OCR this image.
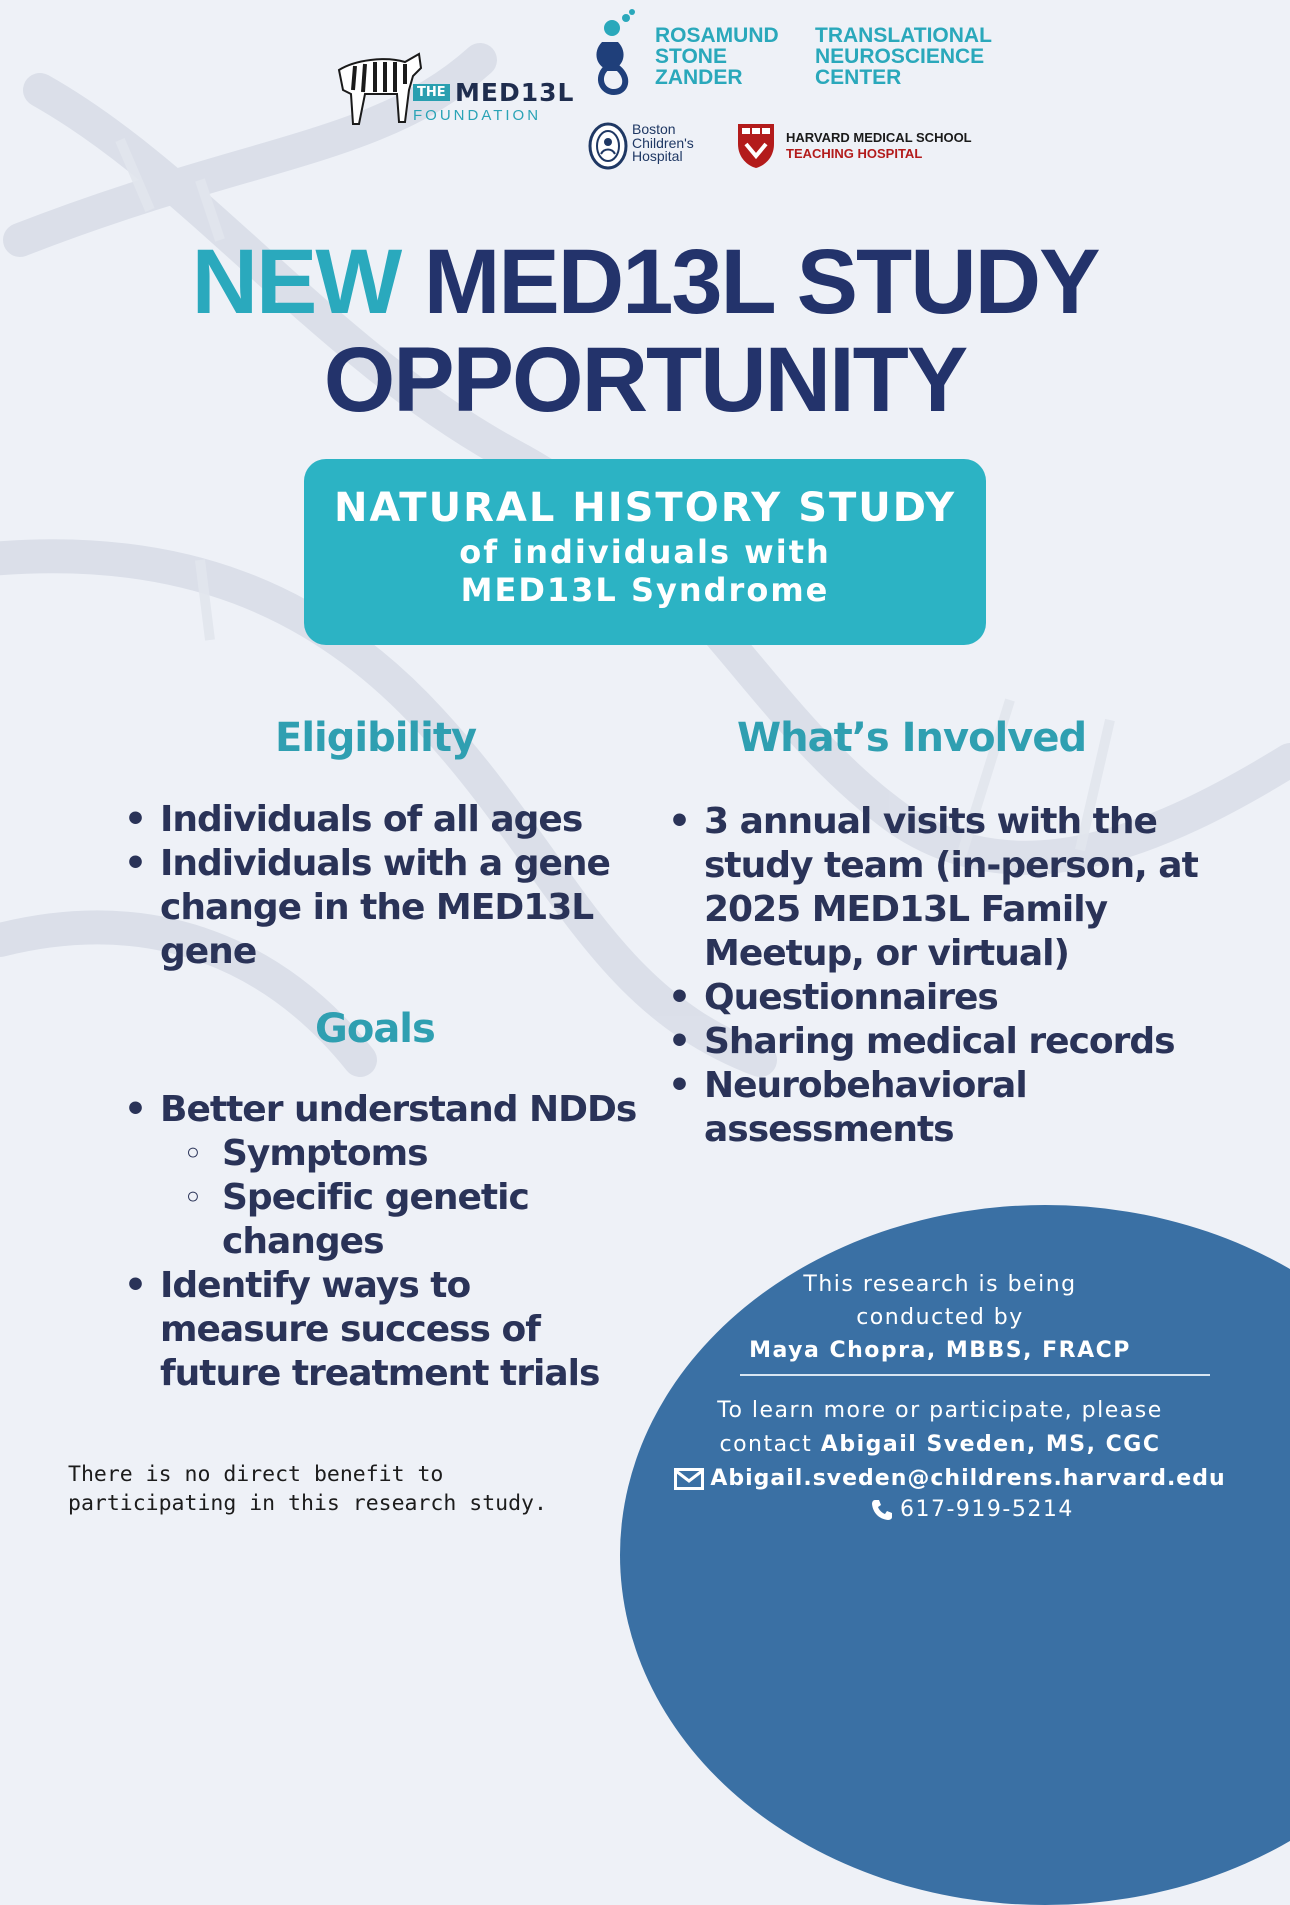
THE MED13L
FOUNDATION
ROSAMUND
STONE
ZANDER
TRANSLATIONAL
NEUROSCIENCE
CENTER
Boston
Children's
Hospital
HARVARD MEDICAL SCHOOL
TEACHING HOSPITAL
NEW MED13L STUDY
OPPORTUNITY
NATURAL HISTORY STUDY
of individuals with
MED13L Syndrome
Eligibility
• Individuals of all ages
• Individuals with a gene change in the MED13L gene
What’s Involved
• 3 annual visits with the study team (in-person, at 2025 MED13L Family Meetup, or virtual)
• Questionnaires
• Sharing medical records
• Neurobehavioral assessments
Goals
• Better understand NDDs
◦ Symptoms
◦ Specific genetic changes
• Identify ways to measure success of future treatment trials
There is no direct benefit to
participating in this research study.
This research is being
conducted by
Maya Chopra, MBBS, FRACP
To learn more or participate, please
contact Abigail Sveden, MS, CGC
Abigail.sveden@childrens.harvard.edu
617-919-5214
